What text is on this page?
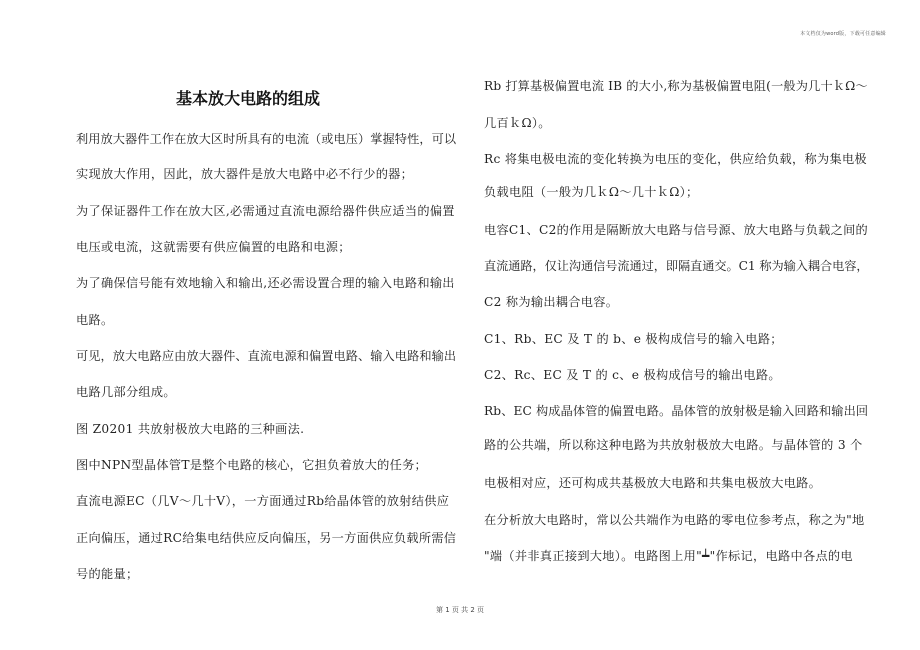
本文档仅为word版，下载可任意编辑
基本放大电路的组成
利用放大器件工作在放大区时所具有的电流（或电压）掌握特性，可以
实现放大作用，因此，放大器件是放大电路中必不行少的器；
为了保证器件工作在放大区,必需通过直流电源给器件供应适当的偏置
电压或电流，这就需要有供应偏置的电路和电源；
为了确保信号能有效地输入和输出,还必需设置合理的输入电路和输出
电路。
可见，放大电路应由放大器件、直流电源和偏置电路、输入电路和输出
电路几部分组成。
图 Z0201 共放射极放大电路的三种画法.
图中NPN型晶体管T是整个电路的核心，它担负着放大的任务；
直流电源EC（几V～几十V），一方面通过Rb给晶体管的放射结供应
正向偏压，通过RC给集电结供应反向偏压，另一方面供应负载所需信
号的能量；
Rb 打算基极偏置电流 IB 的大小,称为基极偏置电阻(一般为几十ｋΩ～
几百ｋΩ）。
Rc 将集电极电流的变化转换为电压的变化，供应给负载，称为集电极
负载电阻（一般为几ｋΩ～几十ｋΩ）；
电容C1、C2的作用是隔断放大电路与信号源、放大电路与负载之间的
直流通路，仅让沟通信号流通过，即隔直通交。C1 称为输入耦合电容，
C2 称为输出耦合电容。
C1、Rb、EC 及 T 的 b、e 极构成信号的输入电路；
C2、Rc、EC 及 T 的 c、e 极构成信号的输出电路。
Rb、EC 构成晶体管的偏置电路。晶体管的放射极是输入回路和输出回
路的公共端，所以称这种电路为共放射极放大电路。与晶体管的 3 个
电极相对应，还可构成共基极放大电路和共集电极放大电路。
在分析放大电路时，常以公共端作为电路的零电位参考点，称之为"地
"端（并非真正接到大地）。电路图上用"┷"作标记，电路中各点的电
第 1 页 共 2 页
